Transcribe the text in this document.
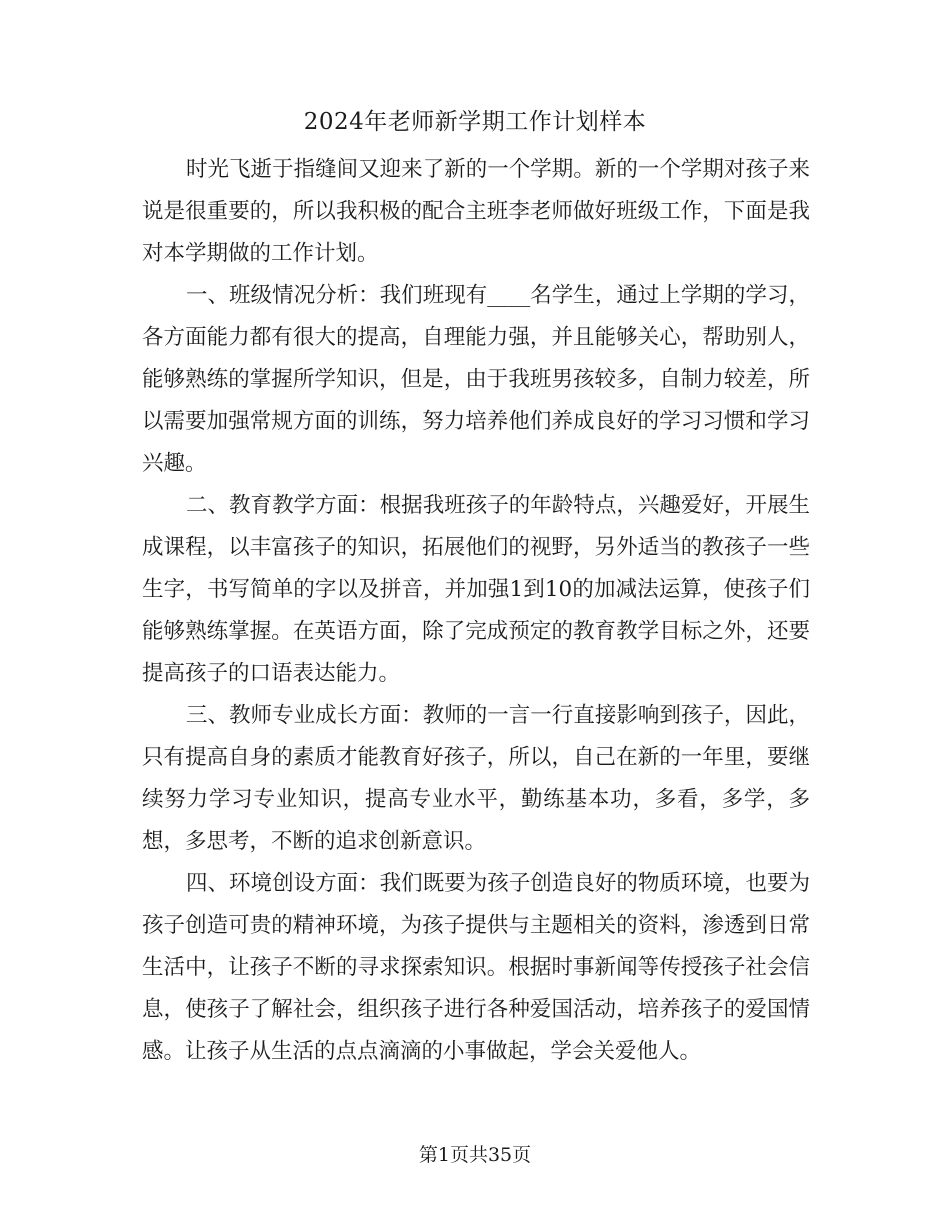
2024年老师新学期工作计划样本

时光飞逝于指缝间又迎来了新的一个学期。新的一个学期对孩子来说是很重要的，所以我积极的配合主班李老师做好班级工作，下面是我对本学期做的工作计划。

一、班级情况分析：我们班现有____名学生，通过上学期的学习，各方面能力都有很大的提高，自理能力强，并且能够关心，帮助别人，能够熟练的掌握所学知识，但是，由于我班男孩较多，自制力较差，所以需要加强常规方面的训练，努力培养他们养成良好的学习习惯和学习兴趣。

二、教育教学方面：根据我班孩子的年龄特点，兴趣爱好，开展生成课程，以丰富孩子的知识，拓展他们的视野，另外适当的教孩子一些生字，书写简单的字以及拼音，并加强1到10的加减法运算，使孩子们能够熟练掌握。在英语方面，除了完成预定的教育教学目标之外，还要提高孩子的口语表达能力。

三、教师专业成长方面：教师的一言一行直接影响到孩子，因此，只有提高自身的素质才能教育好孩子，所以，自己在新的一年里，要继续努力学习专业知识，提高专业水平，勤练基本功，多看，多学，多想，多思考，不断的追求创新意识。

四、环境创设方面：我们既要为孩子创造良好的物质环境，也要为孩子创造可贵的精神环境，为孩子提供与主题相关的资料，渗透到日常生活中，让孩子不断的寻求探索知识。根据时事新闻等传授孩子社会信息，使孩子了解社会，组织孩子进行各种爱国活动，培养孩子的爱国情感。让孩子从生活的点点滴滴的小事做起，学会关爱他人。

第1页共35页
